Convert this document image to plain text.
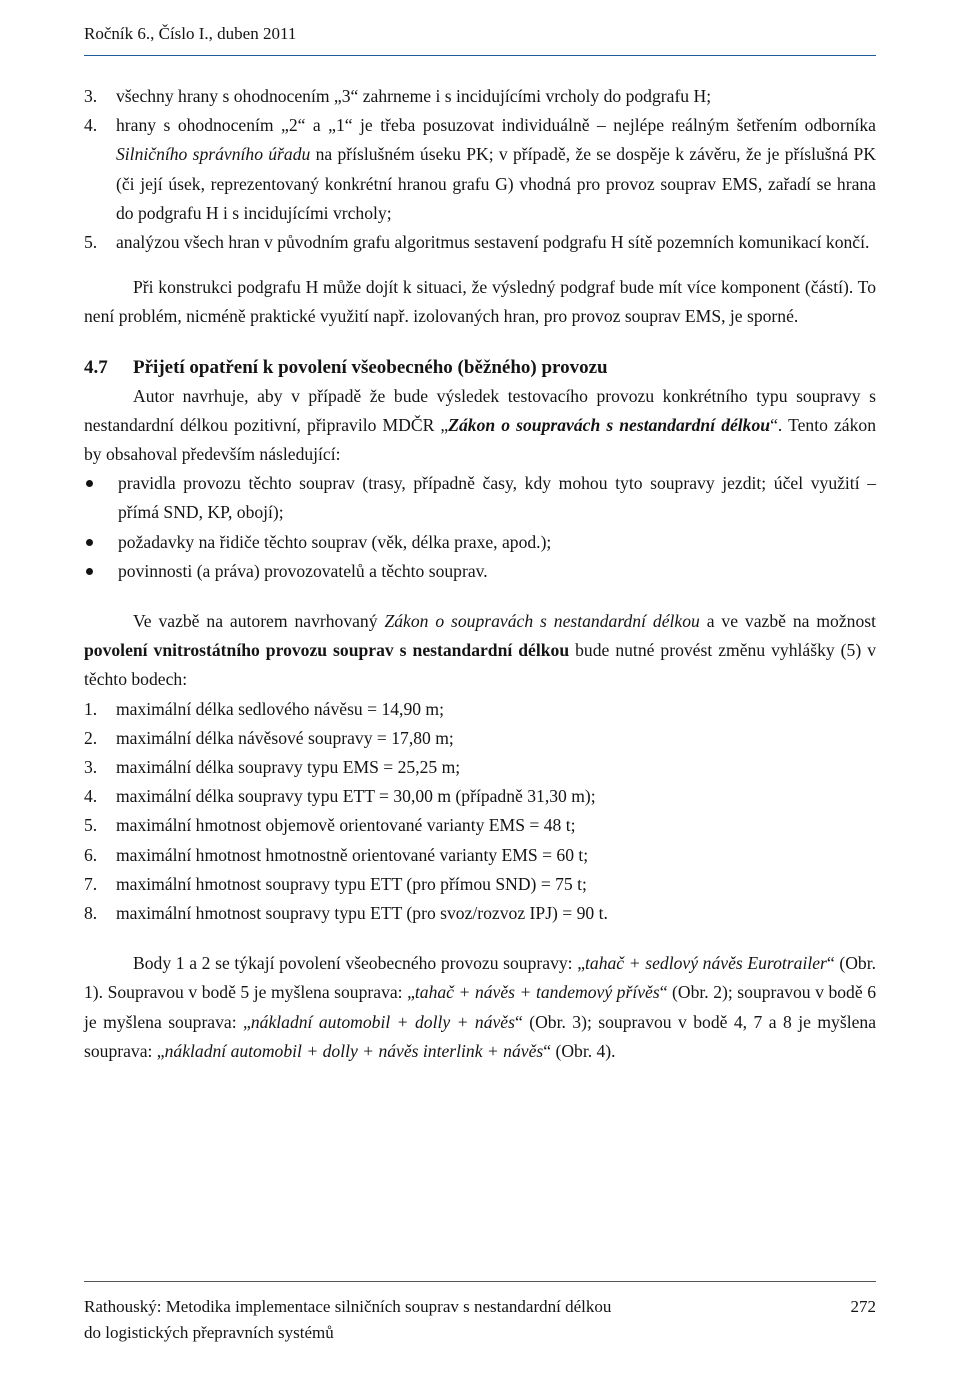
Ročník 6., Číslo I., duben 2011
3.	všechny hrany s ohodnocením „3“ zahrneme i s incidujícími vrcholy do podgrafu H;
4.	hrany s ohodnocením „2“ a „1“ je třeba posuzovat individuálně – nejlépe reálným šetřením odborníka Silničního správního úřadu na příslušném úseku PK; v případě, že se dospěje k závěru, že je příslušná PK (či její úsek, reprezentovaný konkrétní hranou grafu G) vhodná pro provoz souprav EMS, zařadí se hrana do podgrafu H i s incidujícími vrcholy;
5.	analýzou všech hran v původním grafu algoritmus sestavení podgrafu H sítě pozemních komunikací končí.

Při konstrukci podgrafu H může dojít k situaci, že výsledný podgraf bude mít více komponent (částí). To není problém, nicméně praktické využití např. izolovaných hran, pro provoz souprav EMS, je sporné.

4.7	Přijetí opatření k povolení všeobecného (běžného) provozu

Autor navrhuje, aby v případě že bude výsledek testovacího provozu konkrétního typu soupravy s nestandardní délkou pozitivní, připravilo MDČR „Zákon o soupravách s nestandardní délkou“. Tento zákon by obsahoval především následující:

pravidla provozu těchto souprav (trasy, případně časy, kdy mohou tyto soupravy jezdit; účel využití – přímá SND, KP, obojí);
požadavky na řidiče těchto souprav (věk, délka praxe, apod.);
povinnosti (a práva) provozovatelů a těchto souprav.

Ve vazbě na autorem navrhovaný Zákon o soupravách s nestandardní délkou a ve vazbě na možnost povolení vnitrostátního provozu souprav s nestandardní délkou bude nutné provést změnu vyhlášky (5) v těchto bodech:

1.	maximální délka sedlového návěsu = 14,90 m;
2.	maximální délka návěsové soupravy = 17,80 m;
3.	maximální délka soupravy typu EMS = 25,25 m;
4.	maximální délka soupravy typu ETT = 30,00 m (případně 31,30 m);
5.	maximální hmotnost objemově orientované varianty EMS = 48 t;
6.	maximální hmotnost hmotnostně orientované varianty EMS = 60 t;
7.	maximální hmotnost soupravy typu ETT (pro přímou SND) = 75 t;
8.	maximální hmotnost soupravy typu ETT (pro svoz/rozvoz IPJ) = 90 t.

Body 1 a 2 se týkají povolení všeobecného provozu soupravy: „tahač + sedlový návěs Eurotrailer“ (Obr. 1). Soupravou v bodě 5 je myšlena souprava: „tahač + návěs + tandemový přívěs“ (Obr. 2); soupravou v bodě 6 je myšlena souprava: „nákladní automobil + dolly + návěs“ (Obr. 3); soupravou v bodě 4, 7 a 8 je myšlena souprava: „nákladní automobil + dolly + návěs interlink + návěs“ (Obr. 4).

Rathouský: Metodika implementace silničních souprav s nestandardní délkou
do logistických přepravních systémů
272
